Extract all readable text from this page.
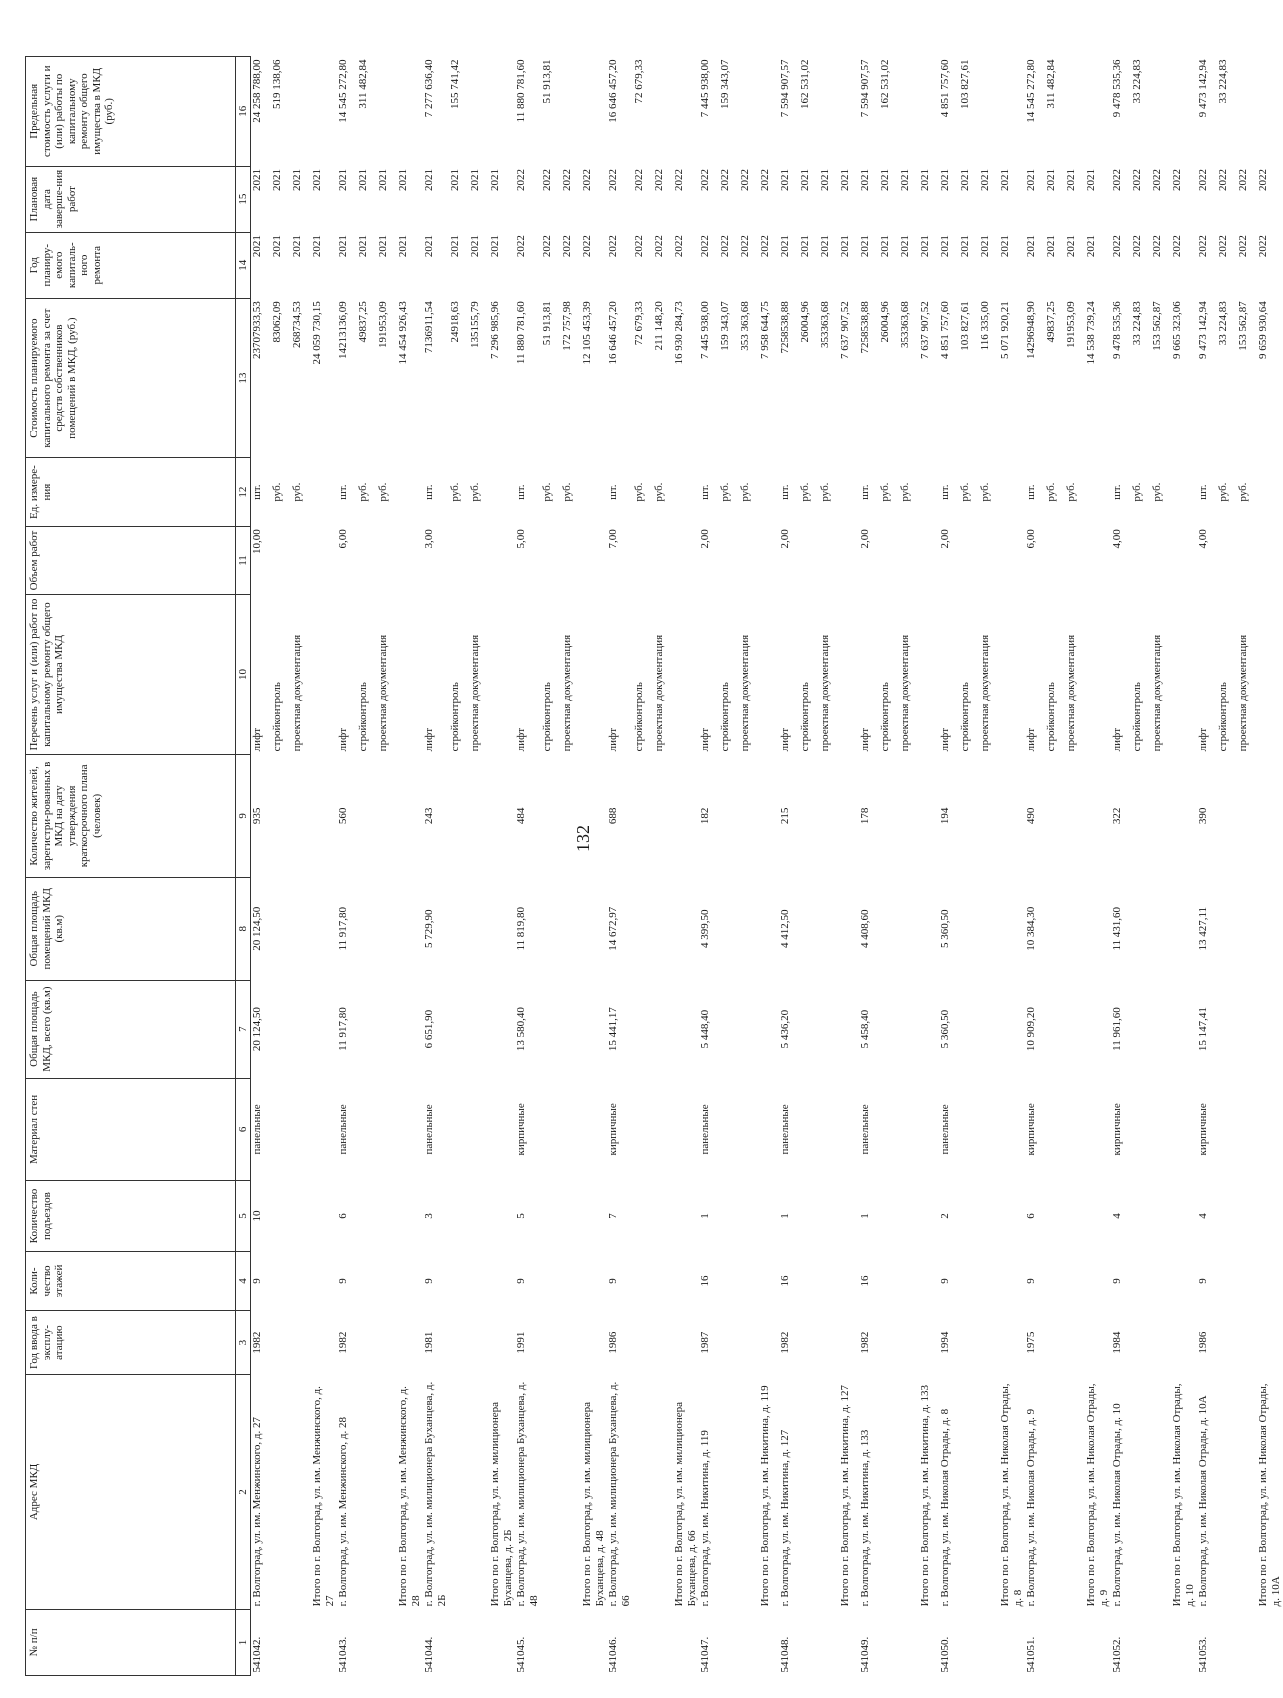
132
№ п/п	Адрес МКД	Год ввода в эксплу-атацию	Коли-чество этажей	Количество подъездов	Материал стен	Общая площадь МКД, всего (кв.м)	Общая площадь помещений МКД (кв.м)	Количество жителей, зарегистри-рованных в МКД на дату утверждения краткосрочного плана (человек)	Перечень услуг и (или) работ по капитальному ремонту общего имущества МКД	Объем работ	Ед. измере-ния	Стоимость планируемого капитального ремонта за счет средств собственников помещений в МКД, (руб.)	Год планиру-емого капиталь-ного ремонта	Плановая дата заверше-ния работ	Предельная стоимость услуги и (или) работы по капитальному ремонту общего имущества в МКД (руб.)
1	2	3	4	5	6	7	8	9	10	11	12	13	14	15	16
541042.	г. Волгоград, ул. им. Менжинского, д. 27	1982	9	10	панельные	20 124,50	20 124,50	935	лифт	10,00	шт.	23707933,53	2021	2021	24 258 788,00
									стройконтроль		руб.	83062,09	2021	2021	519 138,06
									проектная документация		руб.	268734,53	2021	2021	
	Итого по г. Волгоград, ул. им. Менжинского, д. 27											24 059 730,15	2021	2021	
541043.	г. Волгоград, ул. им. Менжинского, д. 28	1982	9	6	панельные	11 917,80	11 917,80	560	лифт	6,00	шт.	14213136,09	2021	2021	14 545 272,80
									стройконтроль		руб.	49837,25	2021	2021	311 482,84
									проектная документация		руб.	191953,09	2021	2021	
	Итого по г. Волгоград, ул. им. Менжинского, д. 28											14 454 926,43	2021	2021	
541044.	г. Волгоград, ул. им. милиционера Буханцева, д. 2Б	1981	9	3	панельные	6 651,90	5 729,90	243	лифт	3,00	шт.	7136911,54	2021	2021	7 277 636,40
									стройконтроль		руб.	24918,63	2021	2021	155 741,42
									проектная документация		руб.	135155,79	2021	2021	
	Итого по г. Волгоград, ул. им. милиционера Буханцева, д. 2Б											7 296 985,96	2021	2021	
541045.	г. Волгоград, ул. им. милиционера Буханцева, д. 48	1991	9	5	кирпичные	13 580,40	11 819,80	484	лифт	5,00	шт.	11 880 781,60	2022	2022	11 880 781,60
									стройконтроль		руб.	51 913,81	2022	2022	51 913,81
									проектная документация		руб.	172 757,98	2022	2022	
	Итого по г. Волгоград, ул. им. милиционера Буханцева, д. 48											12 105 453,39	2022	2022	
541046.	г. Волгоград, ул. им. милиционера Буханцева, д. 66	1986	9	7	кирпичные	15 441,17	14 672,97	688	лифт	7,00	шт.	16 646 457,20	2022	2022	16 646 457,20
									стройконтроль		руб.	72 679,33	2022	2022	72 679,33
									проектная документация		руб.	211 148,20	2022	2022	
	Итого по г. Волгоград, ул. им. милиционера Буханцева, д. 66											16 930 284,73	2022	2022	
541047.	г. Волгоград, ул. им. Никитина, д. 119	1987	16	1	панельные	5 448,40	4 399,50	182	лифт	2,00	шт.	7 445 938,00	2022	2022	7 445 938,00
									стройконтроль		руб.	159 343,07	2022	2022	159 343,07
									проектная документация		руб.	353 363,68	2022	2022	
	Итого по г. Волгоград, ул. им. Никитина, д. 119											7 958 644,75	2022	2022	
541048.	г. Волгоград, ул. им. Никитина, д. 127	1982	16	1	панельные	5 436,20	4 412,50	215	лифт	2,00	шт.	7258538,88	2021	2021	7 594 907,57
									стройконтроль		руб.	26004,96	2021	2021	162 531,02
									проектная документация		руб.	353363,68	2021	2021	
	Итого по г. Волгоград, ул. им. Никитина, д. 127											7 637 907,52	2021	2021	
541049.	г. Волгоград, ул. им. Никитина, д. 133	1982	16	1	панельные	5 458,40	4 408,60	178	лифт	2,00	шт.	7258538,88	2021	2021	7 594 907,57
									стройконтроль		руб.	26004,96	2021	2021	162 531,02
									проектная документация		руб.	353363,68	2021	2021	
	Итого по г. Волгоград, ул. им. Никитина, д. 133											7 637 907,52	2021	2021	
541050.	г. Волгоград, ул. им. Николая Отрады, д. 8	1994	9	2	панельные	5 360,50	5 360,50	194	лифт	2,00	шт.	4 851 757,60	2021	2021	4 851 757,60
									стройконтроль		руб.	103 827,61	2021	2021	103 827,61
									проектная документация		руб.	116 335,00	2021	2021	
	Итого по г. Волгоград, ул. им. Николая Отрады, д. 8											5 071 920,21	2021	2021	
541051.	г. Волгоград, ул. им. Николая Отрады, д. 9	1975	9	6	кирпичные	10 909,20	10 384,30	490	лифт	6,00	шт.	14296948,90	2021	2021	14 545 272,80
									стройконтроль		руб.	49837,25	2021	2021	311 482,84
									проектная документация		руб.	191953,09	2021	2021	
	Итого по г. Волгоград, ул. им. Николая Отрады, д. 9											14 538 739,24	2021	2021	
541052.	г. Волгоград, ул. им. Николая Отрады, д. 10	1984	9	4	кирпичные	11 961,60	11 431,60	322	лифт	4,00	шт.	9 478 535,36	2022	2022	9 478 535,36
									стройконтроль		руб.	33 224,83	2022	2022	33 224,83
									проектная документация		руб.	153 562,87	2022	2022	
	Итого по г. Волгоград, ул. им. Николая Отрады, д. 10											9 665 323,06	2022	2022	
541053.	г. Волгоград, ул. им. Николая Отрады, д. 10А	1986	9	4	кирпичные	15 147,41	13 427,11	390	лифт	4,00	шт.	9 473 142,94	2022	2022	9 473 142,94
									стройконтроль		руб.	33 224,83	2022	2022	33 224,83
									проектная документация		руб.	153 562,87	2022	2022	
	Итого по г. Волгоград, ул. им. Николая Отрады, д. 10А											9 659 930,64	2022	2022	
